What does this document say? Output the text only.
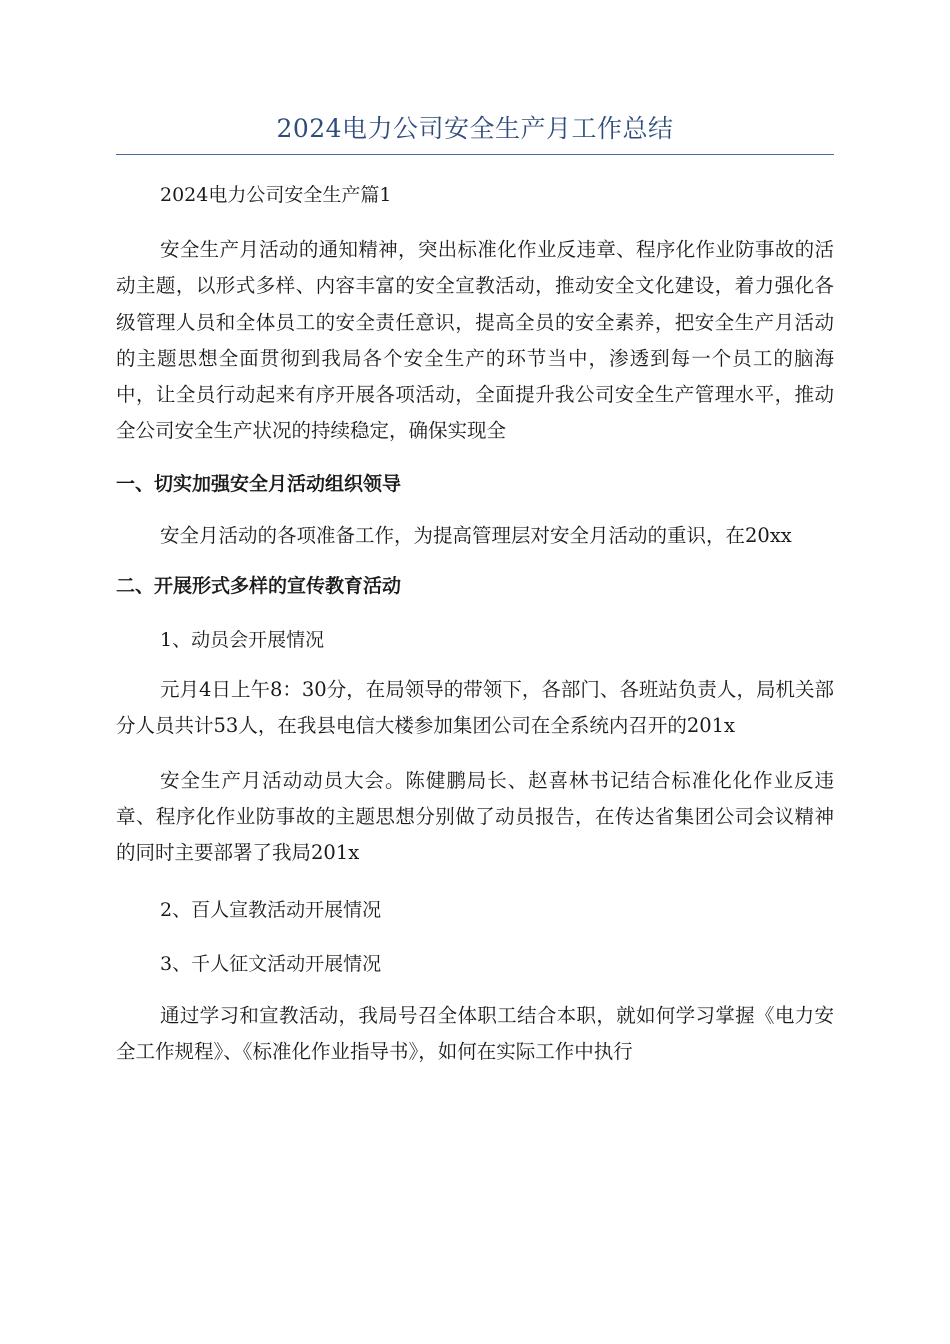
2024电力公司安全生产月工作总结

2024电力公司安全生产篇1

安全生产月活动的通知精神，突出标准化作业反违章、程序化作业防事故的活动主题，以形式多样、内容丰富的安全宣教活动，推动安全文化建设，着力强化各级管理人员和全体员工的安全责任意识，提高全员的安全素养，把安全生产月活动的主题思想全面贯彻到我局各个安全生产的环节当中，渗透到每一个员工的脑海中，让全员行动起来有序开展各项活动，全面提升我公司安全生产管理水平，推动全公司安全生产状况的持续稳定，确保实现全

一、切实加强安全月活动组织领导

安全月活动的各项准备工作，为提高管理层对安全月活动的重识，在20xx

二、开展形式多样的宣传教育活动

1、动员会开展情况

元月4日上午8：30分，在局领导的带领下，各部门、各班站负责人，局机关部分人员共计53人，在我县电信大楼参加集团公司在全系统内召开的201x

安全生产月活动动员大会。陈健鹏局长、赵喜林书记结合标准化化作业反违章、程序化作业防事故的主题思想分别做了动员报告，在传达省集团公司会议精神的同时主要部署了我局201x

2、百人宣教活动开展情况

3、千人征文活动开展情况

通过学习和宣教活动，我局号召全体职工结合本职，就如何学习掌握《电力安全工作规程》、《标准化作业指导书》，如何在实际工作中执行
